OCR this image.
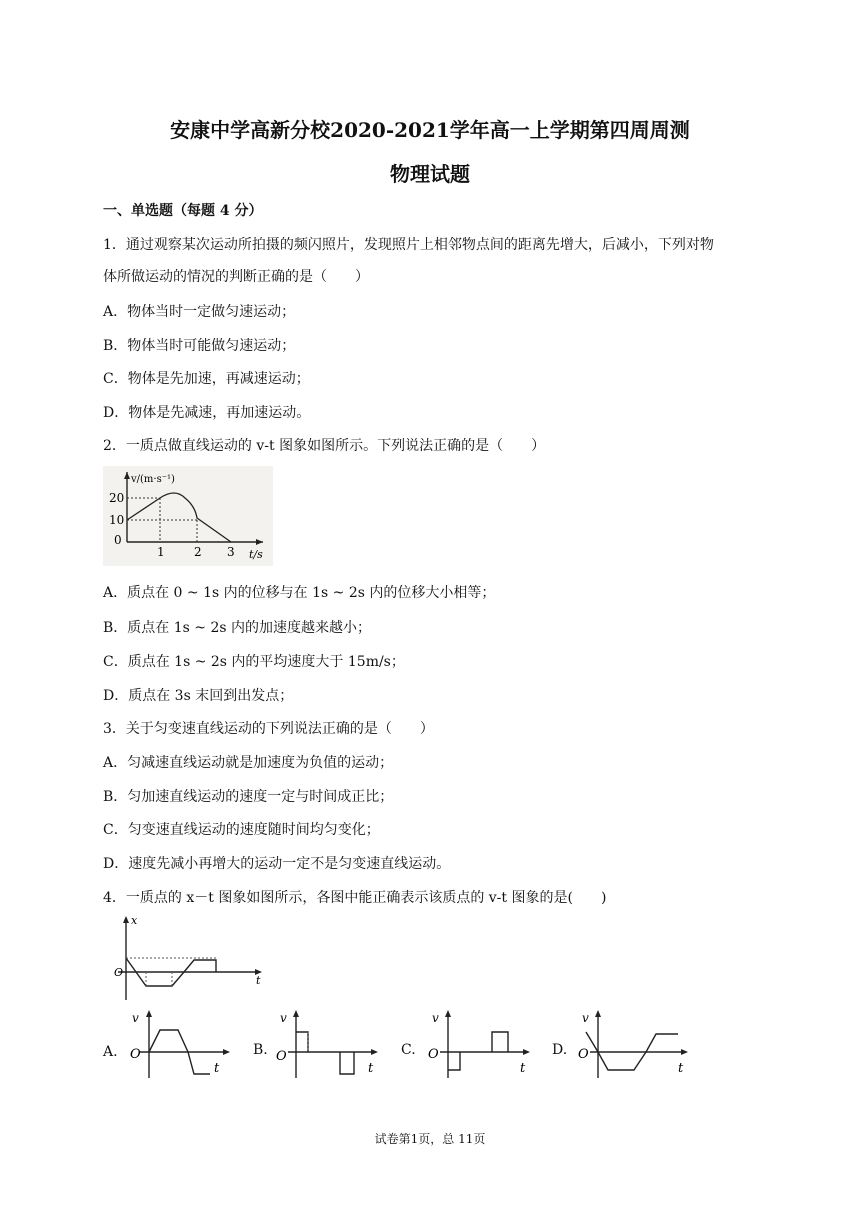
安康中学高新分校2020-2021学年高一上学期第四周周测
物理试题
一、单选题（每题 4 分）
1．通过观察某次运动所拍摄的频闪照片，发现照片上相邻物点间的距离先增大，后减小，下列对物
体所做运动的情况的判断正确的是（　　）
A．物体当时一定做匀速运动；
B．物体当时可能做匀速运动；
C．物体是先加速，再减速运动；
D．物体是先减速，再加速运动。
2．一质点做直线运动的 v-t 图象如图所示。下列说法正确的是（　　）
v/(m·s⁻¹)
20
10
0
1 2 3 t/s
A．质点在 0 ~ 1s 内的位移与在 1s ~ 2s 内的位移大小相等；
B．质点在 1s ~ 2s 内的加速度越来越小；
C．质点在 1s ~ 2s 内的平均速度大于 15m/s；
D．质点在 3s 末回到出发点；
3．关于匀变速直线运动的下列说法正确的是（　　）
A．匀减速直线运动就是加速度为负值的运动；
B．匀加速直线运动的速度一定与时间成正比；
C．匀变速直线运动的速度随时间均匀变化；
D．速度先减小再增大的运动一定不是匀变速直线运动。
4．一质点的 x－t 图象如图所示，各图中能正确表示该质点的 v-t 图象的是(　　)
x
O
t
A.
v
O
t
B.
v
O
t
C.
v
O
t
D.
v
O
t
试卷第1页，总 11页
